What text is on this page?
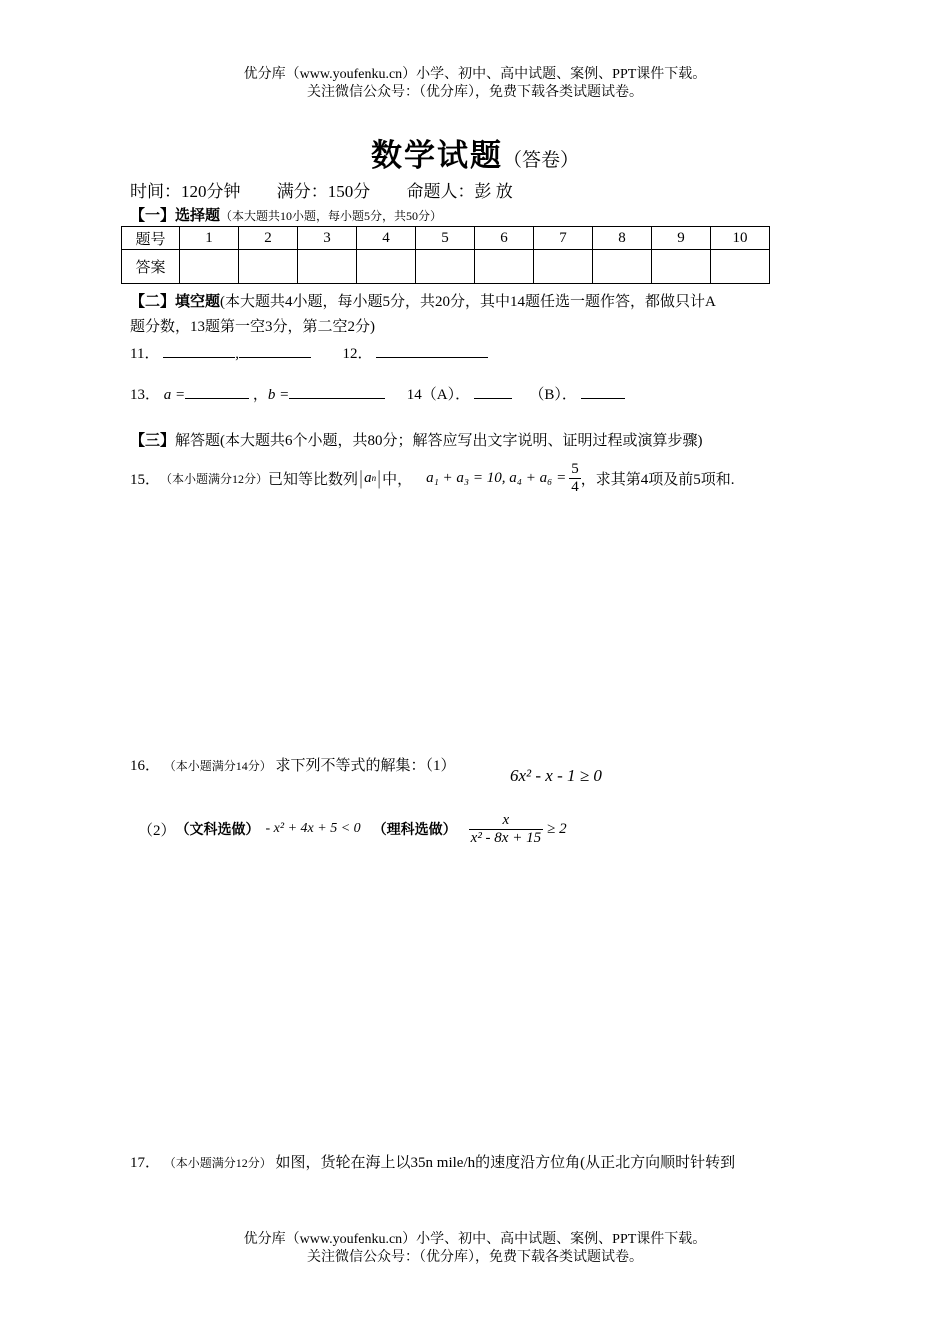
优分库（www.youfenku.cn）小学、初中、高中试题、案例、PPT课件下载。
关注微信公众号：（优分库），免费下载各类试题试卷。
数学试题（答卷）
时间：120分钟 满分：150分 命题人：彭 放
【一】选择题（本大题共10小题，每小题5分，共50分）
题号	1	2	3	4	5	6	7	8	9	10
答案										
【二】填空题(本大题共4小题，每小题5分，共20分，其中14题任选一题作答，都做只计A
题分数，13题第一空3分，第二空2分)
11．	,	12．
13． a =	，b =	14（A）．	（B）．
【三】解答题(本大题共6个小题，共80分；解答应写出文字说明、证明过程或演算步骤)
15． （本小题满分12分） 已知等比数列 | a n | 中， a₁ + a₃ = 10, $a_4 + a_6 = \frac{5}{4}$ ，求其第4项及前5项和.
16． （本小题满分14分） 求下列不等式的解集：（1）	6x² - x - 1 ≥ 0
（2） （文科选做） - x² + 4x + 5 < 0 （理科选做） $\frac{x}{\text{x² - 8x + 15}} \ge 2$
17． （本小题满分12分） 如图，货轮在海上以35n mile/h的速度沿方位角(从正北方向顺时针转到
优分库（www.youfenku.cn）小学、初中、高中试题、案例、PPT课件下载。
关注微信公众号：（优分库），免费下载各类试题试卷。
